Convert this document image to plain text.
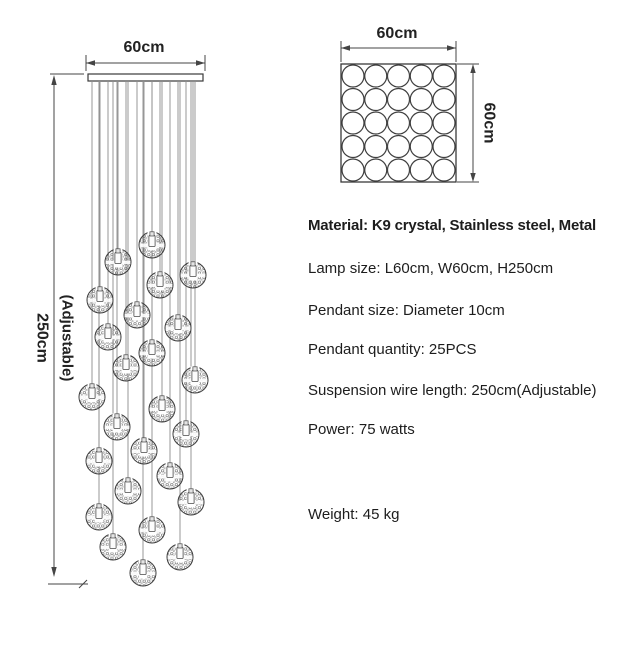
60cm
250cm (Adjustable)
60cm
60cm
Material: K9 crystal, Stainless steel, Metal
Lamp size: L60cm, W60cm, H250cm
Pendant size: Diameter 10cm
Pendant quantity: 25PCS
Suspension wire length: 250cm(Adjustable)
Power: 75 watts
Weight: 45 kg
